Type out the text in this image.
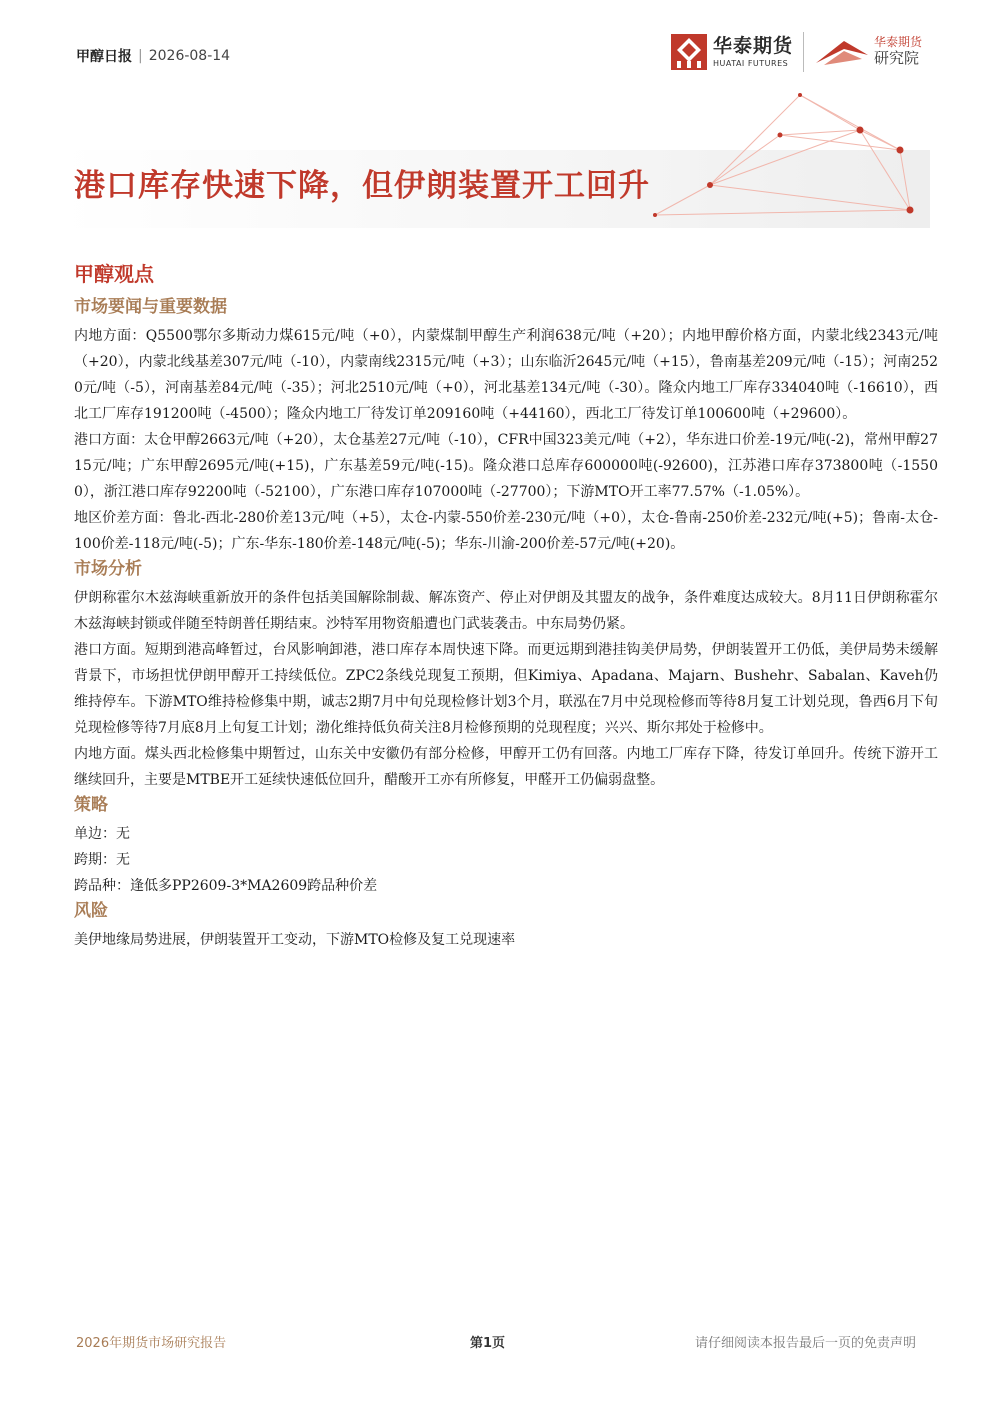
甲醇日报 | 2026-08-14	华泰期货
HUATAI FUTURES
华泰期货
研究院
港口库存快速下降，但伊朗装置开工回升
甲醇观点
市场要闻与重要数据

内地方面：Q5500鄂尔多斯动力煤615元/吨（+0），内蒙煤制甲醇生产利润638元/吨（+20）；内地甲醇价格方面，内蒙北线2343元/吨（+20），内蒙北线基差307元/吨（-10），内蒙南线2315元/吨（+3）；山东临沂2645元/吨（+15），鲁南基差209元/吨（-15）；河南2520元/吨（-5），河南基差84元/吨（-35）；河北2510元/吨（+0），河北基差134元/吨（-30）。隆众内地工厂库存334040吨（-16610），西北工厂库存191200吨（-4500）；隆众内地工厂待发订单209160吨（+44160），西北工厂待发订单100600吨（+29600）。

港口方面：太仓甲醇2663元/吨（+20），太仓基差27元/吨（-10），CFR中国323美元/吨（+2），华东进口价差-19元/吨(-2)，常州甲醇2715元/吨；广东甲醇2695元/吨(+15)，广东基差59元/吨(-15)。隆众港口总库存600000吨(-92600)，江苏港口库存373800吨（-15500），浙江港口库存92200吨（-52100），广东港口库存107000吨（-27700）；下游MTO开工率77.57%（-1.05%）。

地区价差方面：鲁北-西北-280价差13元/吨（+5），太仓-内蒙-550价差-230元/吨（+0），太仓-鲁南-250价差-232元/吨(+5)；鲁南-太仓-100价差-118元/吨(-5)；广东-华东-180价差-148元/吨(-5)；华东-川渝-200价差-57元/吨(+20)。

市场分析

伊朗称霍尔木兹海峡重新放开的条件包括美国解除制裁、解冻资产、停止对伊朗及其盟友的战争，条件难度达成较大。8月11日伊朗称霍尔木兹海峡封锁或伴随至特朗普任期结束。沙特军用物资船遭也门武装袭击。中东局势仍紧。

港口方面。短期到港高峰暂过，台风影响卸港，港口库存本周快速下降。而更远期到港挂钩美伊局势，伊朗装置开工仍低，美伊局势未缓解背景下，市场担忧伊朗甲醇开工持续低位。ZPC2条线兑现复工预期，但Kimiya、Apadana、Majarn、Bushehr、Sabalan、Kaveh仍维持停车。下游MTO维持检修集中期，诚志2期7月中旬兑现检修计划3个月，联泓在7月中兑现检修而等待8月复工计划兑现，鲁西6月下旬兑现检修等待7月底8月上旬复工计划；渤化维持低负荷关注8月检修预期的兑现程度；兴兴、斯尔邦处于检修中。

内地方面。煤头西北检修集中期暂过，山东关中安徽仍有部分检修，甲醇开工仍有回落。内地工厂库存下降，待发订单回升。传统下游开工继续回升，主要是MTBE开工延续快速低位回升，醋酸开工亦有所修复，甲醛开工仍偏弱盘整。

策略

单边：无

跨期：无

跨品种：逢低多PP2609-3*MA2609跨品种价差

风险

美伊地缘局势进展，伊朗装置开工变动，下游MTO检修及复工兑现速率

2026年期货市场研究报告	第1页	请仔细阅读本报告最后一页的免责声明
